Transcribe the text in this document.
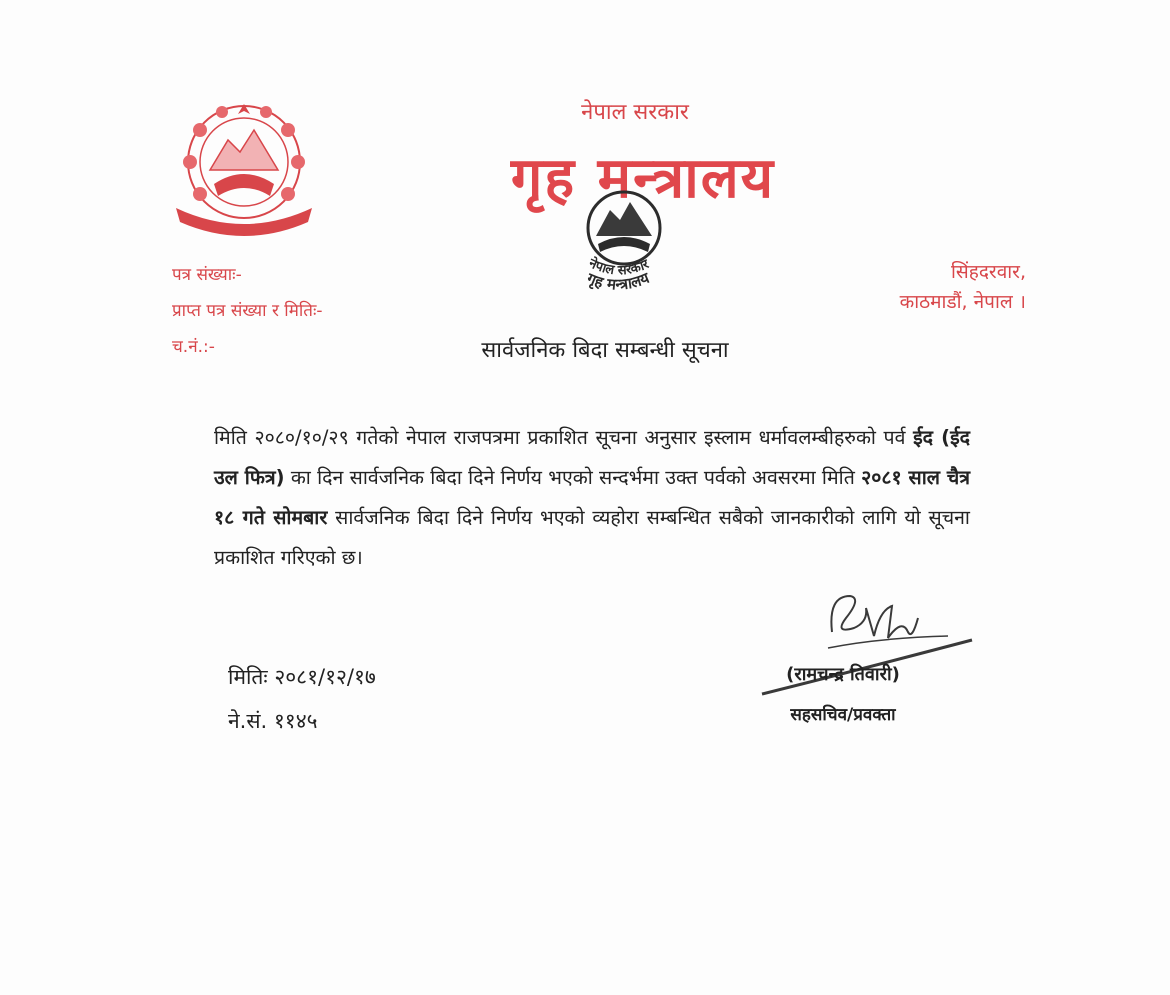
नेपाल सरकार
गृह मन्त्रालय
नेपाल सरकार
गृह मन्त्रालय
पत्र संख्याः-
प्राप्त पत्र संख्या र मितिः-
च.नं.:-
सिंहदरवार,
काठमाडौं, नेपाल ।
सार्वजनिक बिदा सम्बन्धी सूचना
मिति २०८०/१०/२९ गतेको नेपाल राजपत्रमा प्रकाशित सूचना अनुसार इस्लाम धर्मावलम्बीहरुको पर्व ईद (ईद उल फित्र) का दिन सार्वजनिक बिदा दिने निर्णय भएको सन्दर्भमा उक्त पर्वको अवसरमा मिति २०८१ साल चैत्र १८ गते सोमबार सार्वजनिक बिदा दिने निर्णय भएको व्यहोरा सम्बन्धित सबैको जानकारीको लागि यो सूचना प्रकाशित गरिएको छ।
मितिः २०८१/१२/१७
ने.सं. ११४५
(रामचन्द्र तिवारी)
सहसचिव/प्रवक्ता
